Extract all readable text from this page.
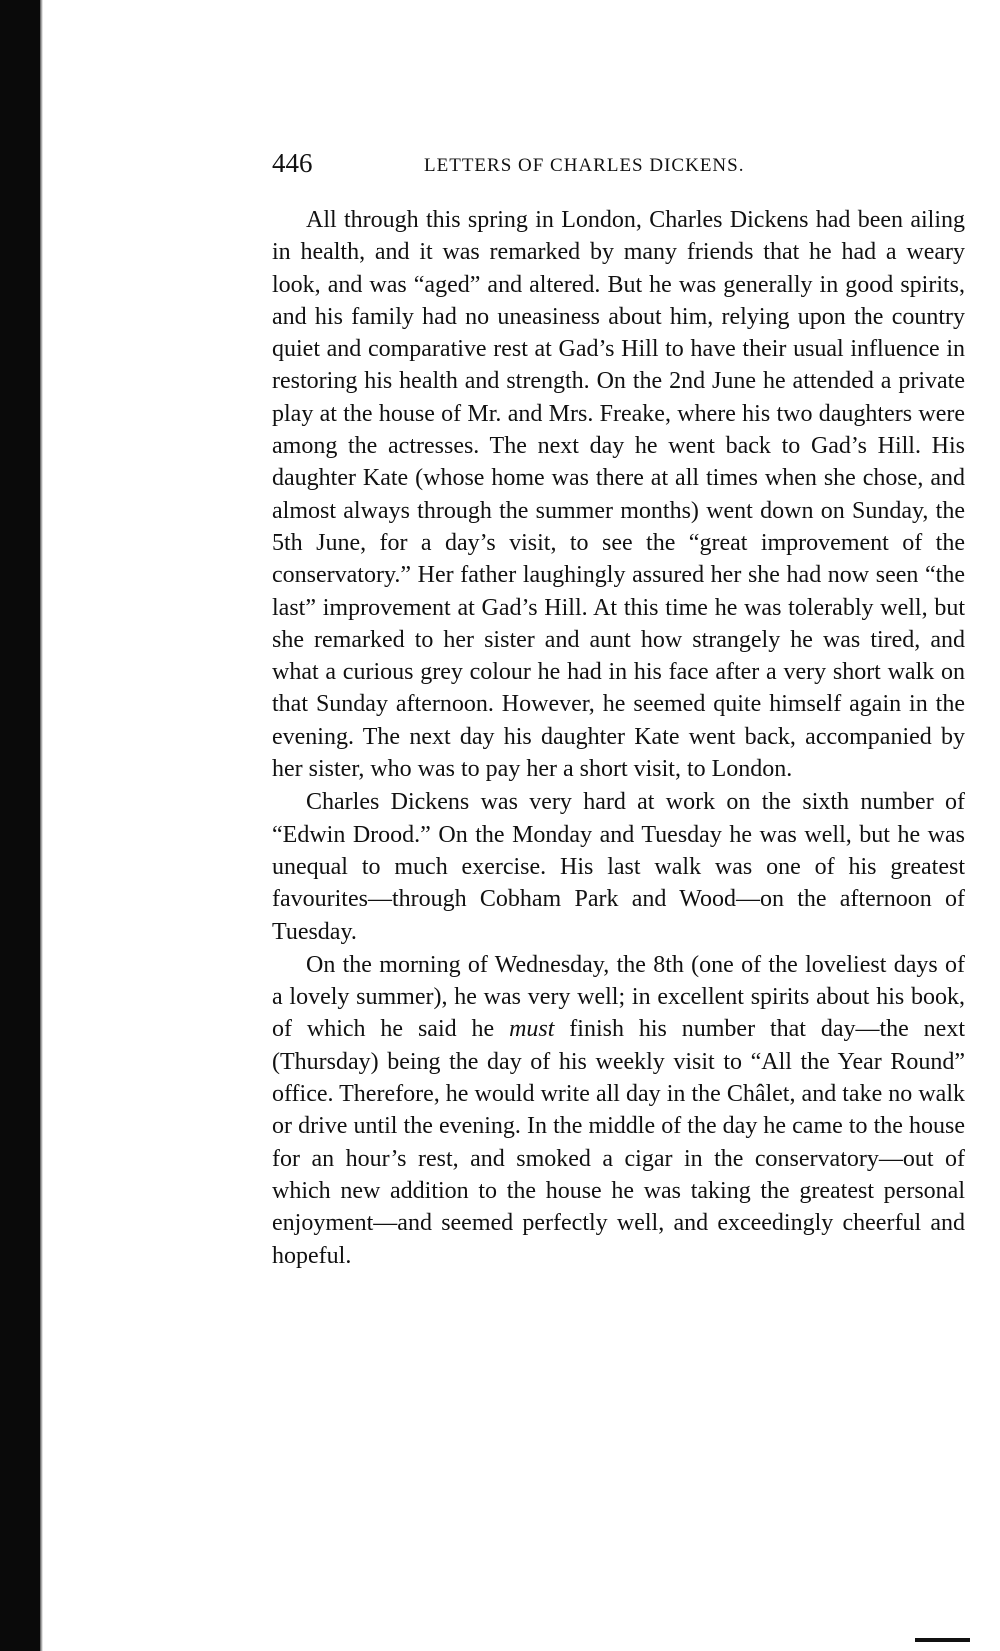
446	LETTERS OF CHARLES DICKENS.

All through this spring in London, Charles Dickens had been ailing in health, and it was remarked by many friends that he had a weary look, and was “aged” and altered. But he was generally in good spirits, and his family had no uneasiness about him, relying upon the country quiet and comparative rest at Gad’s Hill to have their usual influence in restoring his health and strength. On the 2nd June he attended a private play at the house of Mr. and Mrs. Freake, where his two daughters were among the actresses. The next day he went back to Gad’s Hill. His daughter Kate (whose home was there at all times when she chose, and almost always through the summer months) went down on Sunday, the 5th June, for a day’s visit, to see the “great improvement of the conservatory.” Her father laughingly assured her she had now seen “the last” improvement at Gad’s Hill. At this time he was tolerably well, but she remarked to her sister and aunt how strangely he was tired, and what a curious grey colour he had in his face after a very short walk on that Sunday afternoon. However, he seemed quite himself again in the evening. The next day his daughter Kate went back, accompanied by her sister, who was to pay her a short visit, to London.

Charles Dickens was very hard at work on the sixth number of “Edwin Drood.” On the Monday and Tuesday he was well, but he was unequal to much exercise. His last walk was one of his greatest favourites—through Cobham Park and Wood—on the afternoon of Tuesday.

On the morning of Wednesday, the 8th (one of the loveliest days of a lovely summer), he was very well; in excellent spirits about his book, of which he said he must finish his number that day—the next (Thursday) being the day of his weekly visit to “All the Year Round” office. Therefore, he would write all day in the Châlet, and take no walk or drive until the evening. In the middle of the day he came to the house for an hour’s rest, and smoked a cigar in the conservatory—out of which new addition to the house he was taking the greatest personal enjoyment—and seemed perfectly well, and exceedingly cheerful and hopeful.
